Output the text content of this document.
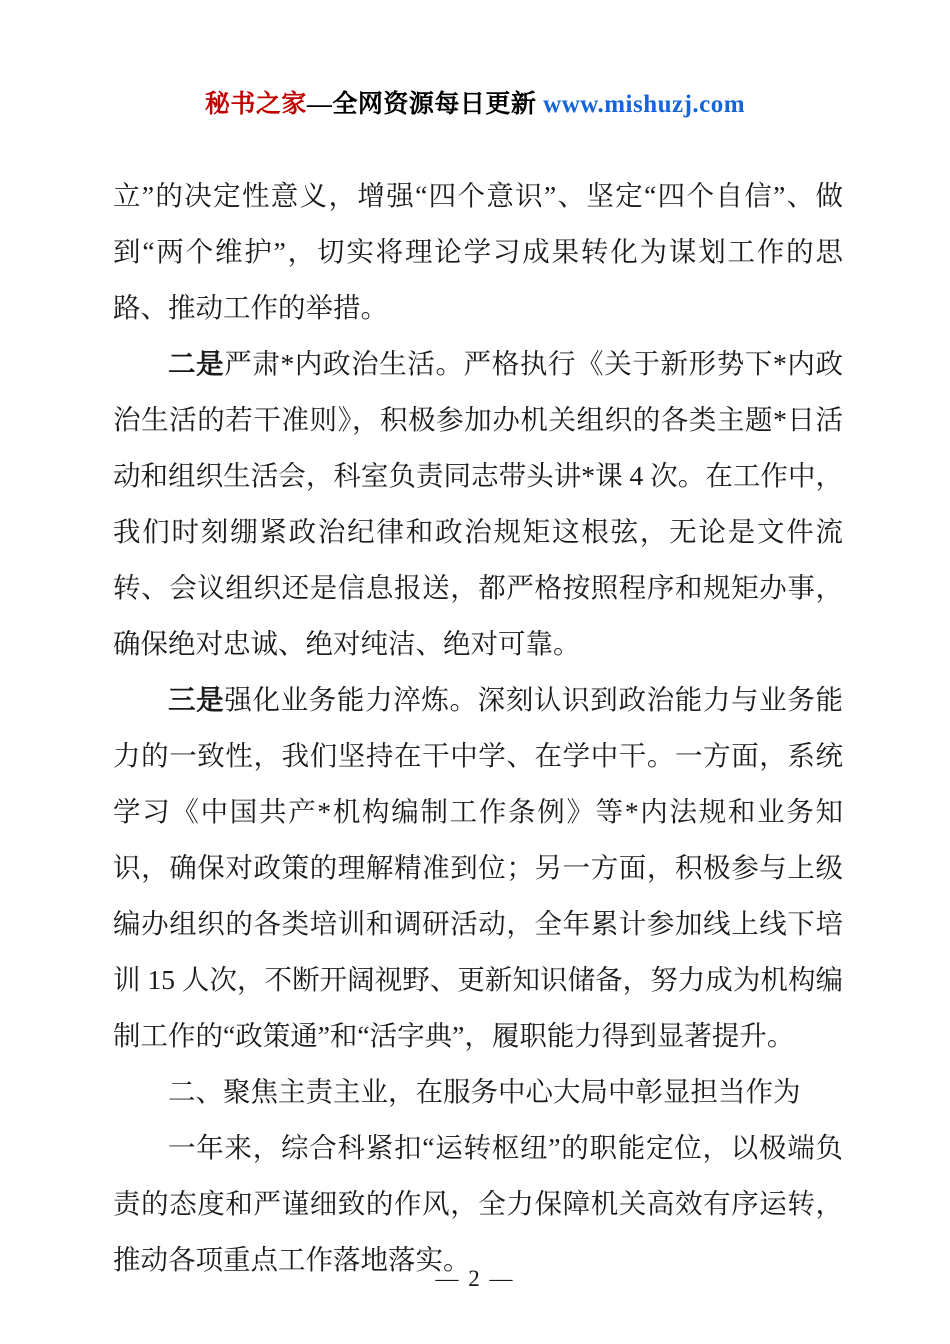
秘书之家—全网资源每日更新 www.mishuzj.com

立”的决定性意义，增强“四个意识”、坚定“四个自信”、做到“两个维护”，切实将理论学习成果转化为谋划工作的思路、推动工作的举措。

二是严肃*内政治生活。严格执行《关于新形势下*内政治生活的若干准则》，积极参加办机关组织的各类主题*日活动和组织生活会，科室负责同志带头讲*课 4 次。在工作中，我们时刻绷紧政治纪律和政治规矩这根弦，无论是文件流转、会议组织还是信息报送，都严格按照程序和规矩办事，确保绝对忠诚、绝对纯洁、绝对可靠。

三是强化业务能力淬炼。深刻认识到政治能力与业务能力的一致性，我们坚持在干中学、在学中干。一方面，系统学习《中国共产*机构编制工作条例》等*内法规和业务知识，确保对政策的理解精准到位；另一方面，积极参与上级编办组织的各类培训和调研活动，全年累计参加线上线下培训 15 人次，不断开阔视野、更新知识储备，努力成为机构编制工作的“政策通”和“活字典”，履职能力得到显著提升。

二、聚焦主责主业，在服务中心大局中彰显担当作为

一年来，综合科紧扣“运转枢纽”的职能定位，以极端负责的态度和严谨细致的作风，全力保障机关高效有序运转，推动各项重点工作落地落实。

— 2 —
